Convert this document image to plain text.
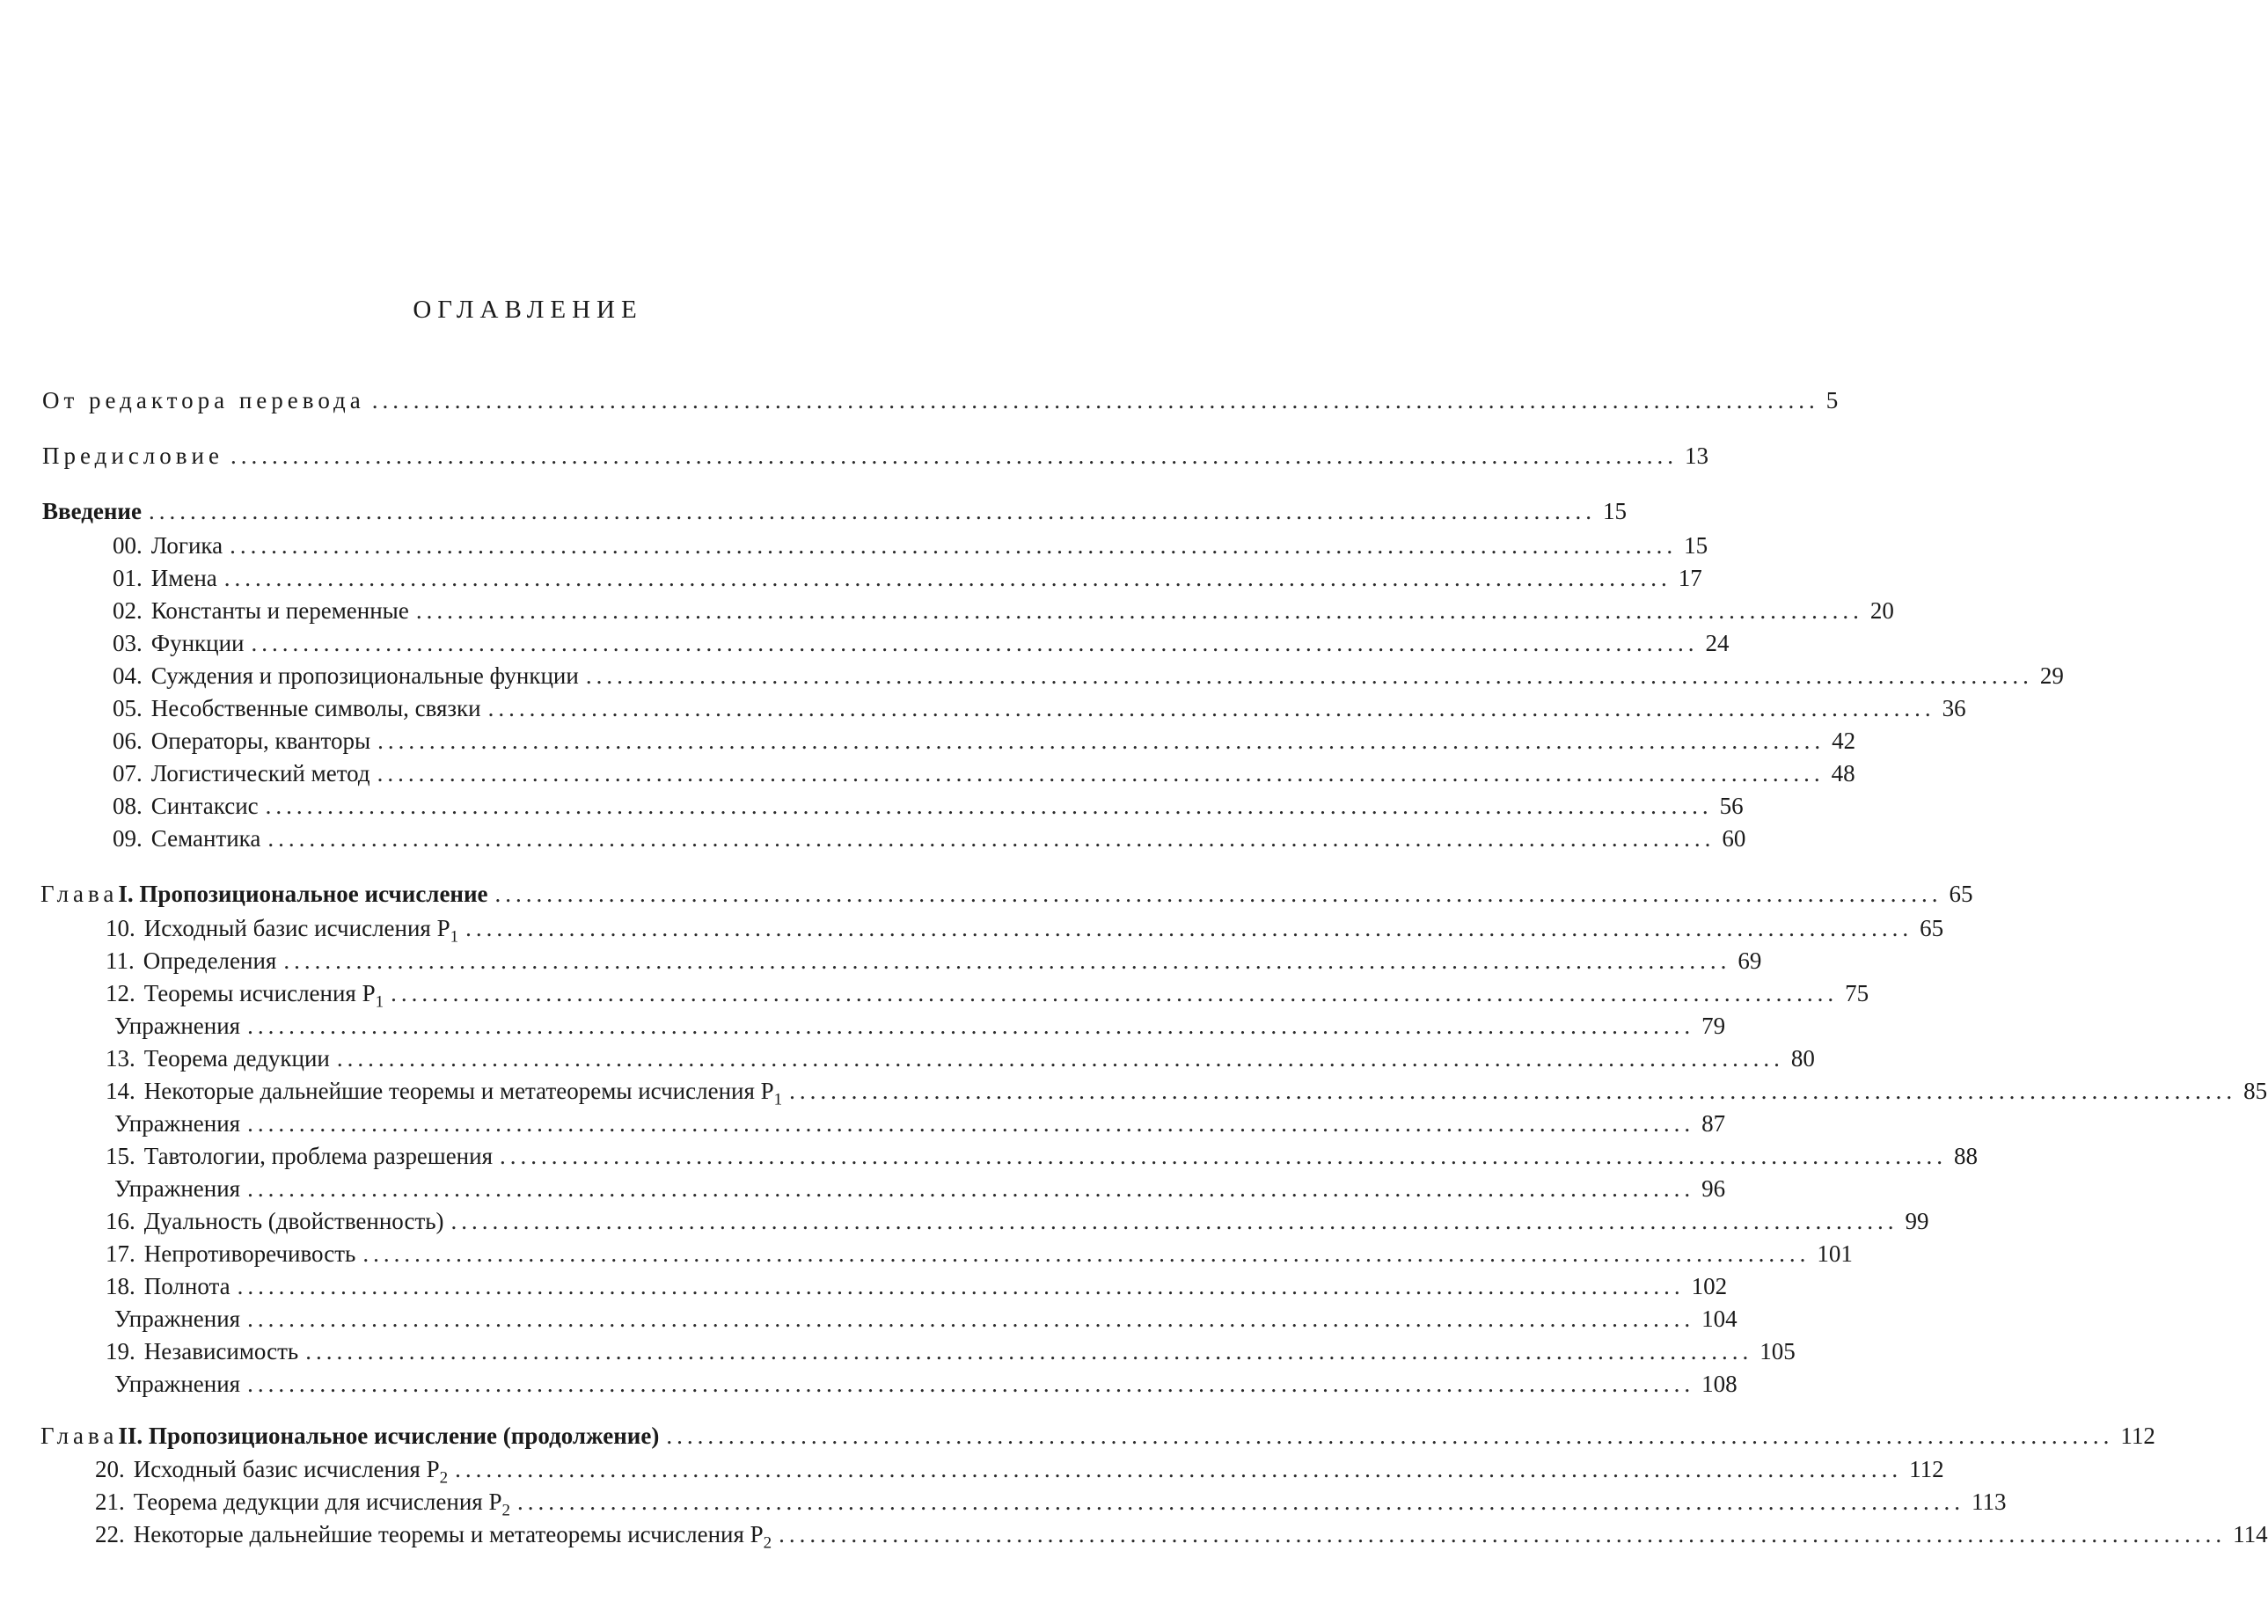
ОГЛАВЛЕНИЕ
От редактора перевода ............................................................................................................................................ 5
Предисловие ............................................................................................................................................ 13
Введение ............................................................................................................................................ 15
00. Логика ............................................................................................................................................ 15
01. Имена ............................................................................................................................................ 17
02. Константы и переменные ............................................................................................................................................ 20
03. Функции ............................................................................................................................................ 24
04. Суждения и пропозициональные функции ............................................................................................................................................ 29
05. Несобственные символы, связки ............................................................................................................................................ 36
06. Операторы, кванторы ............................................................................................................................................ 42
07. Логистический метод ............................................................................................................................................ 48
08. Синтаксис ............................................................................................................................................ 56
09. Семантика ............................................................................................................................................ 60
Глава I. Пропозициональное исчисление ............................................................................................................................................ 65
10. Исходный базис исчисления $P_1$ ............................................................................................................................................ 65
11. Определения ............................................................................................................................................ 69
12. Теоремы исчисления $P_1$ ............................................................................................................................................ 75
Упражнения ............................................................................................................................................ 79
13. Теорема дедукции ............................................................................................................................................ 80
14. Некоторые дальнейшие теоремы и метатеоремы исчисления $P_1$ ............................................................................................................................................ 85
Упражнения ............................................................................................................................................ 87
15. Тавтологии, проблема разрешения ............................................................................................................................................ 88
Упражнения ............................................................................................................................................ 96
16. Дуальность (двойственность) ............................................................................................................................................ 99
17. Непротиворечивость ............................................................................................................................................ 101
18. Полнота ............................................................................................................................................ 102
Упражнения ............................................................................................................................................ 104
19. Независимость ............................................................................................................................................ 105
Упражнения ............................................................................................................................................ 108
Глава II. Пропозициональное исчисление (продолжение) ............................................................................................................................................ 112
20. Исходный базис исчисления $P_2$ ............................................................................................................................................ 112
21. Теорема дедукции для исчисления $P_2$ ............................................................................................................................................ 113
22. Некоторые дальнейшие теоремы и метатеоремы исчисления $P_2$ ............................................................................................................................................ 114
